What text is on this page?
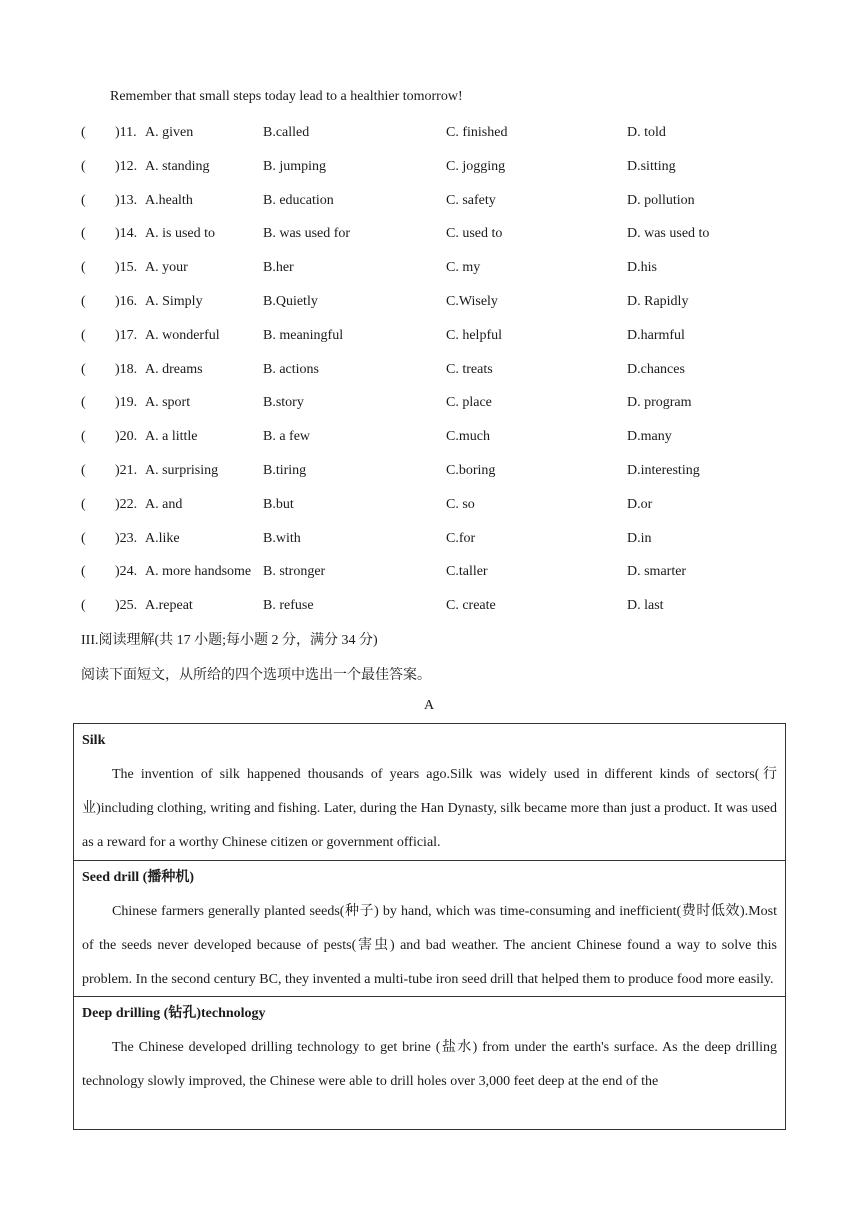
Remember that small steps today lead to a healthier tomorrow!
( )11. A. given	B.called	C. finished	D. told
( )12. A. standing	B. jumping	C. jogging	D.sitting
( )13. A.health	B. education	C. safety	D. pollution
( )14. A. is used to	B. was used for	C. used to	D. was used to
( )15. A. your	B.her	C. my	D.his
( )16. A. Simply	B.Quietly	C.Wisely	D. Rapidly
( )17. A. wonderful	B. meaningful	C. helpful	D.harmful
( )18. A. dreams	B. actions	C. treats	D.chances
( )19. A. sport	B.story	C. place	D. program
( )20. A. a little	B. a few	C.much	D.many
( )21. A. surprising	B.tiring	C.boring	D.interesting
( )22. A. and	B.but	C. so	D.or
( )23. A.like	B.with	C.for	D.in
( )24. A. more handsome B. stronger	C.taller	D. smarter
( )25. A.repeat	B. refuse	C. create	D. last
III.阅读理解(共 17 小题;每小题 2 分，满分 34 分)
阅读下面短文，从所给的四个选项中选出一个最佳答案。
A
Silk
The invention of silk happened thousands of years ago.Silk was widely used in different kinds of sectors(行业)including clothing, writing and fishing. Later, during the Han Dynasty, silk became more than just a product. It was used as a reward for a worthy Chinese citizen or government official.
Seed drill (播种机)
Chinese farmers generally planted seeds(种子) by hand, which was time-consuming and inefficient(费时低效).Most of the seeds never developed because of pests(害虫) and bad weather. The ancient Chinese found a way to solve this problem. In the second century BC, they invented a multi-tube iron seed drill that helped them to produce food more easily.
Deep drilling (钻孔)technology
The Chinese developed drilling technology to get brine (盐水) from under the earth's surface. As the deep drilling technology slowly improved, the Chinese were able to drill holes over 3,000 feet deep at the end of the
